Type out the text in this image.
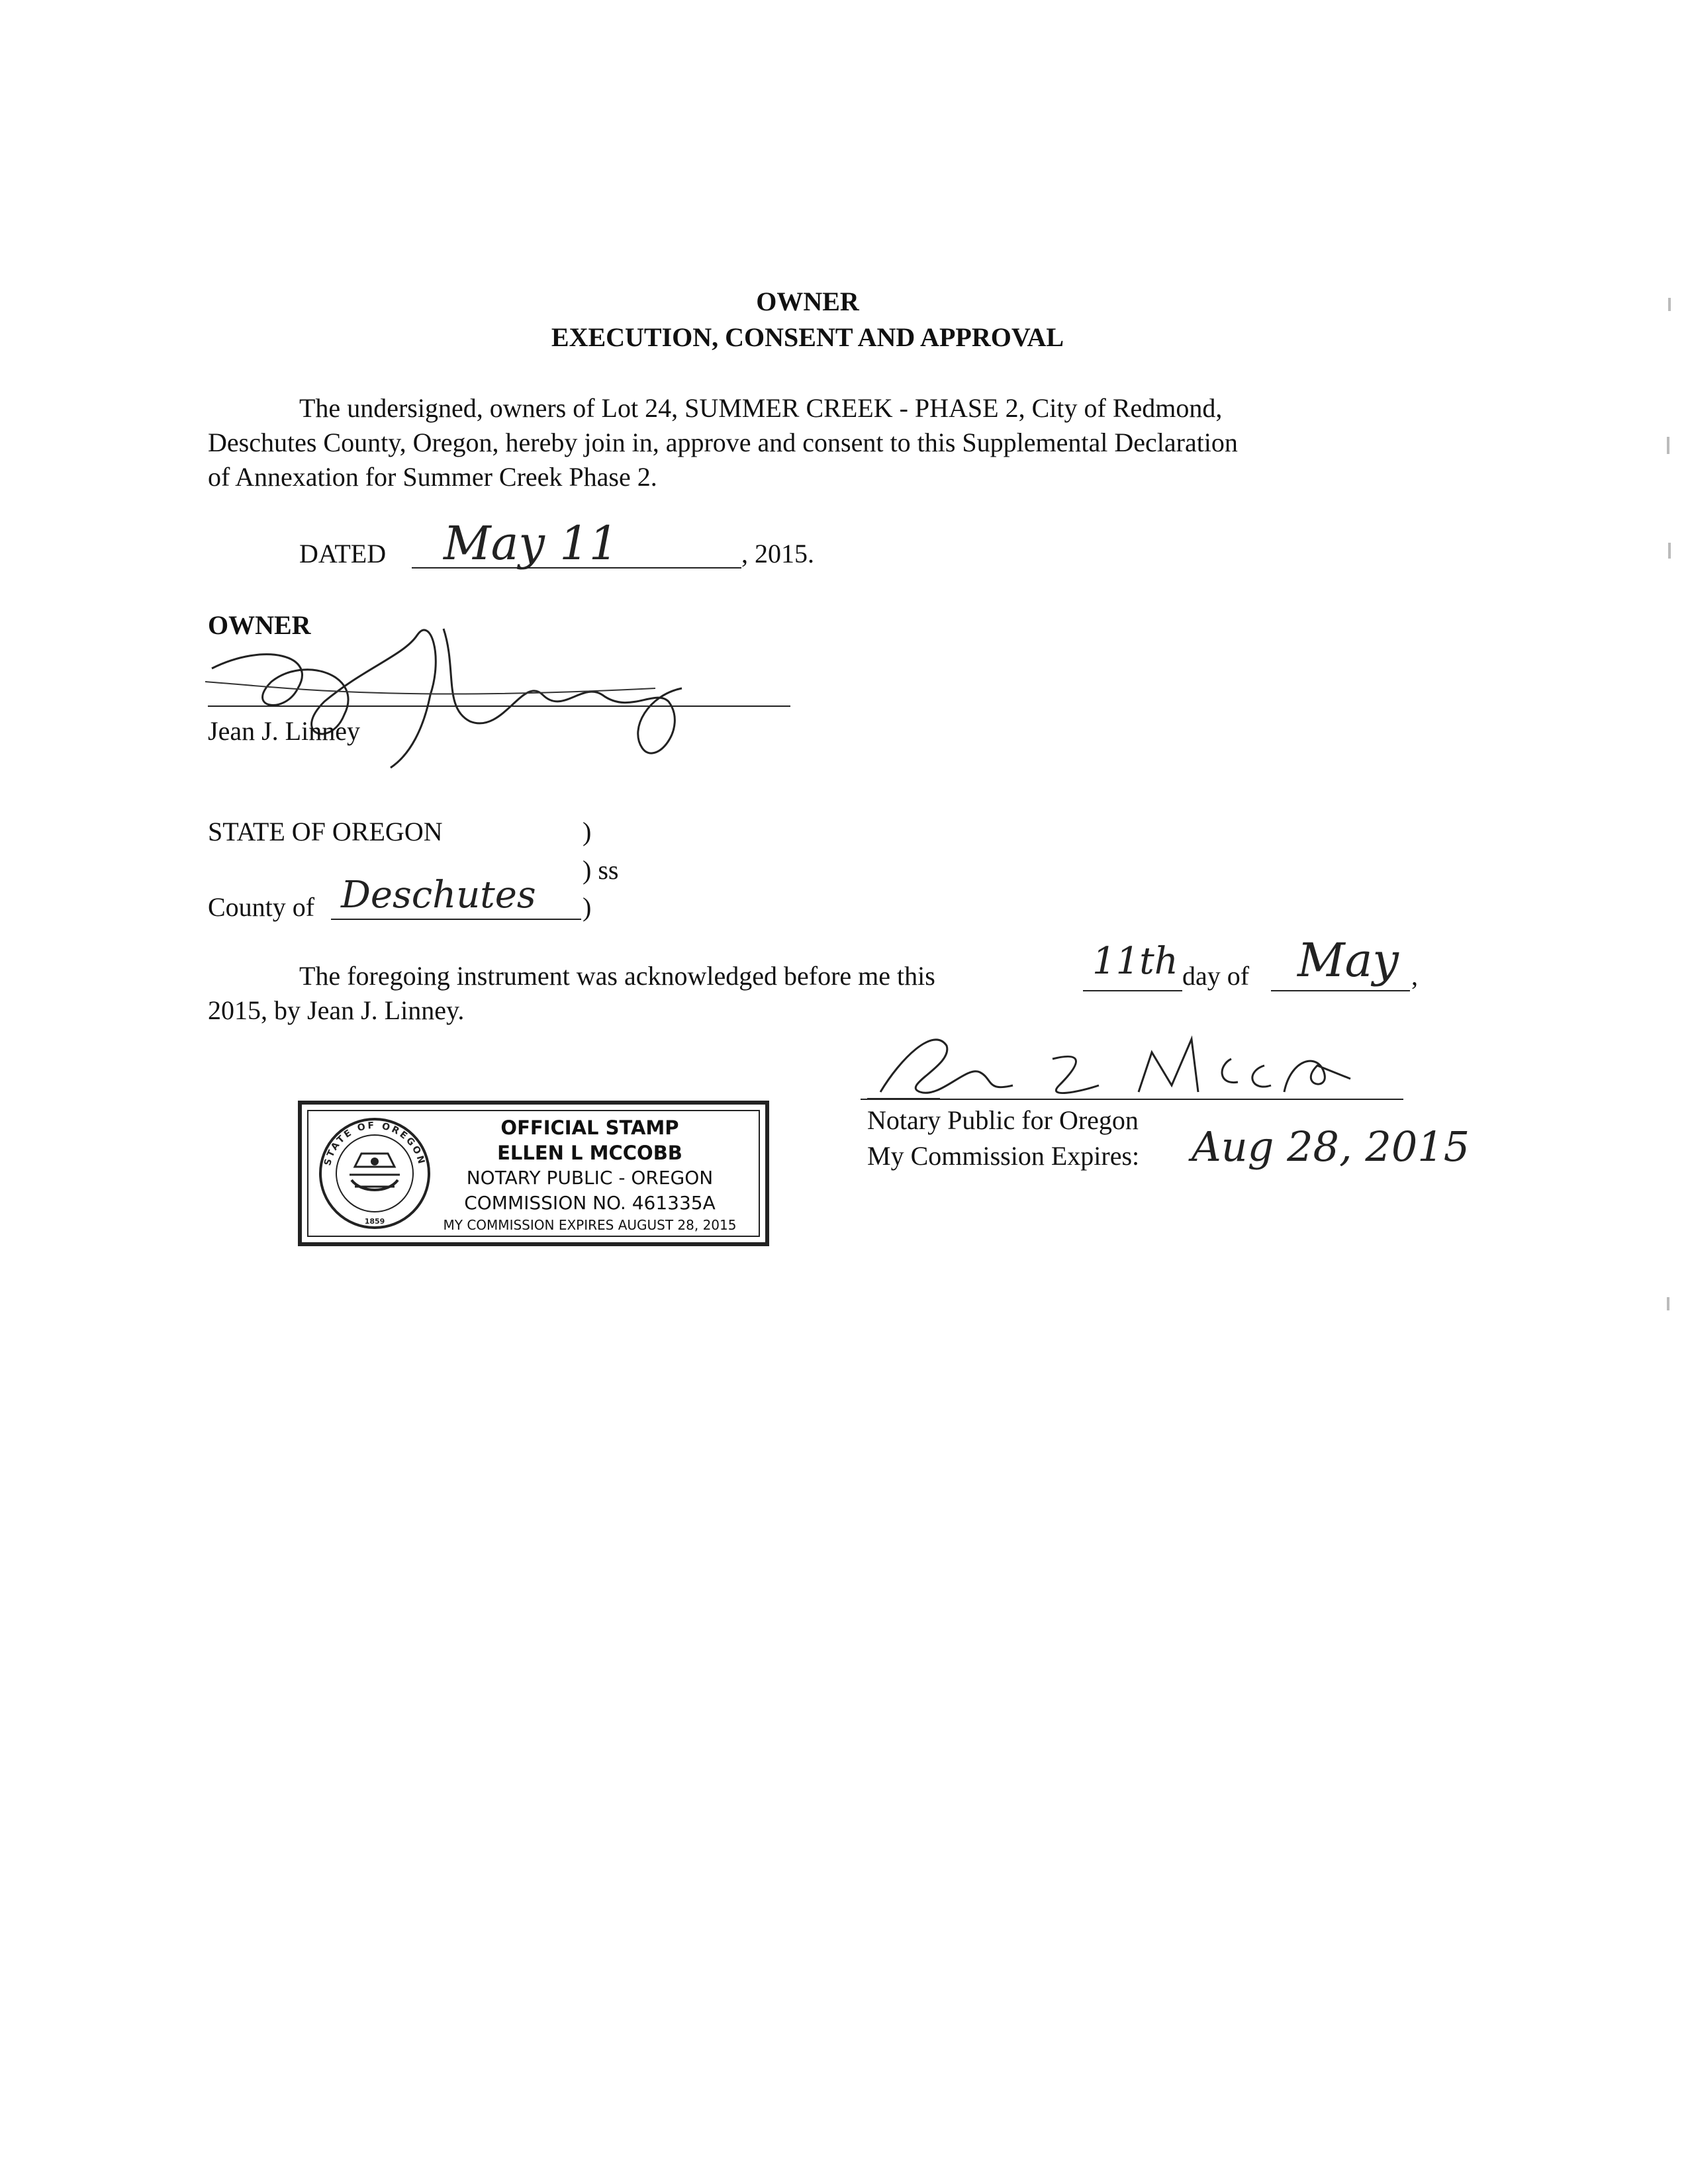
OWNER
EXECUTION, CONSENT AND APPROVAL
The undersigned, owners of Lot 24, SUMMER CREEK - PHASE 2, City of Redmond,
Deschutes County, Oregon, hereby join in, approve and consent to this Supplemental Declaration
of Annexation for Summer Creek Phase 2.
DATED May 11	, 2015.
OWNER
Jean J. Linney
STATE OF OREGON	)
) ss
County of Deschutes )
The foregoing instrument was acknowledged before me this	11th day of May ,
2015, by Jean J. Linney.
Notary Public for Oregon
My Commission Expires: Aug 28, 2015
STATE OF OREGON
1859
OFFICIAL STAMP
ELLEN L MCCOBB
NOTARY PUBLIC - OREGON
COMMISSION NO. 461335A
MY COMMISSION EXPIRES AUGUST 28, 2015
